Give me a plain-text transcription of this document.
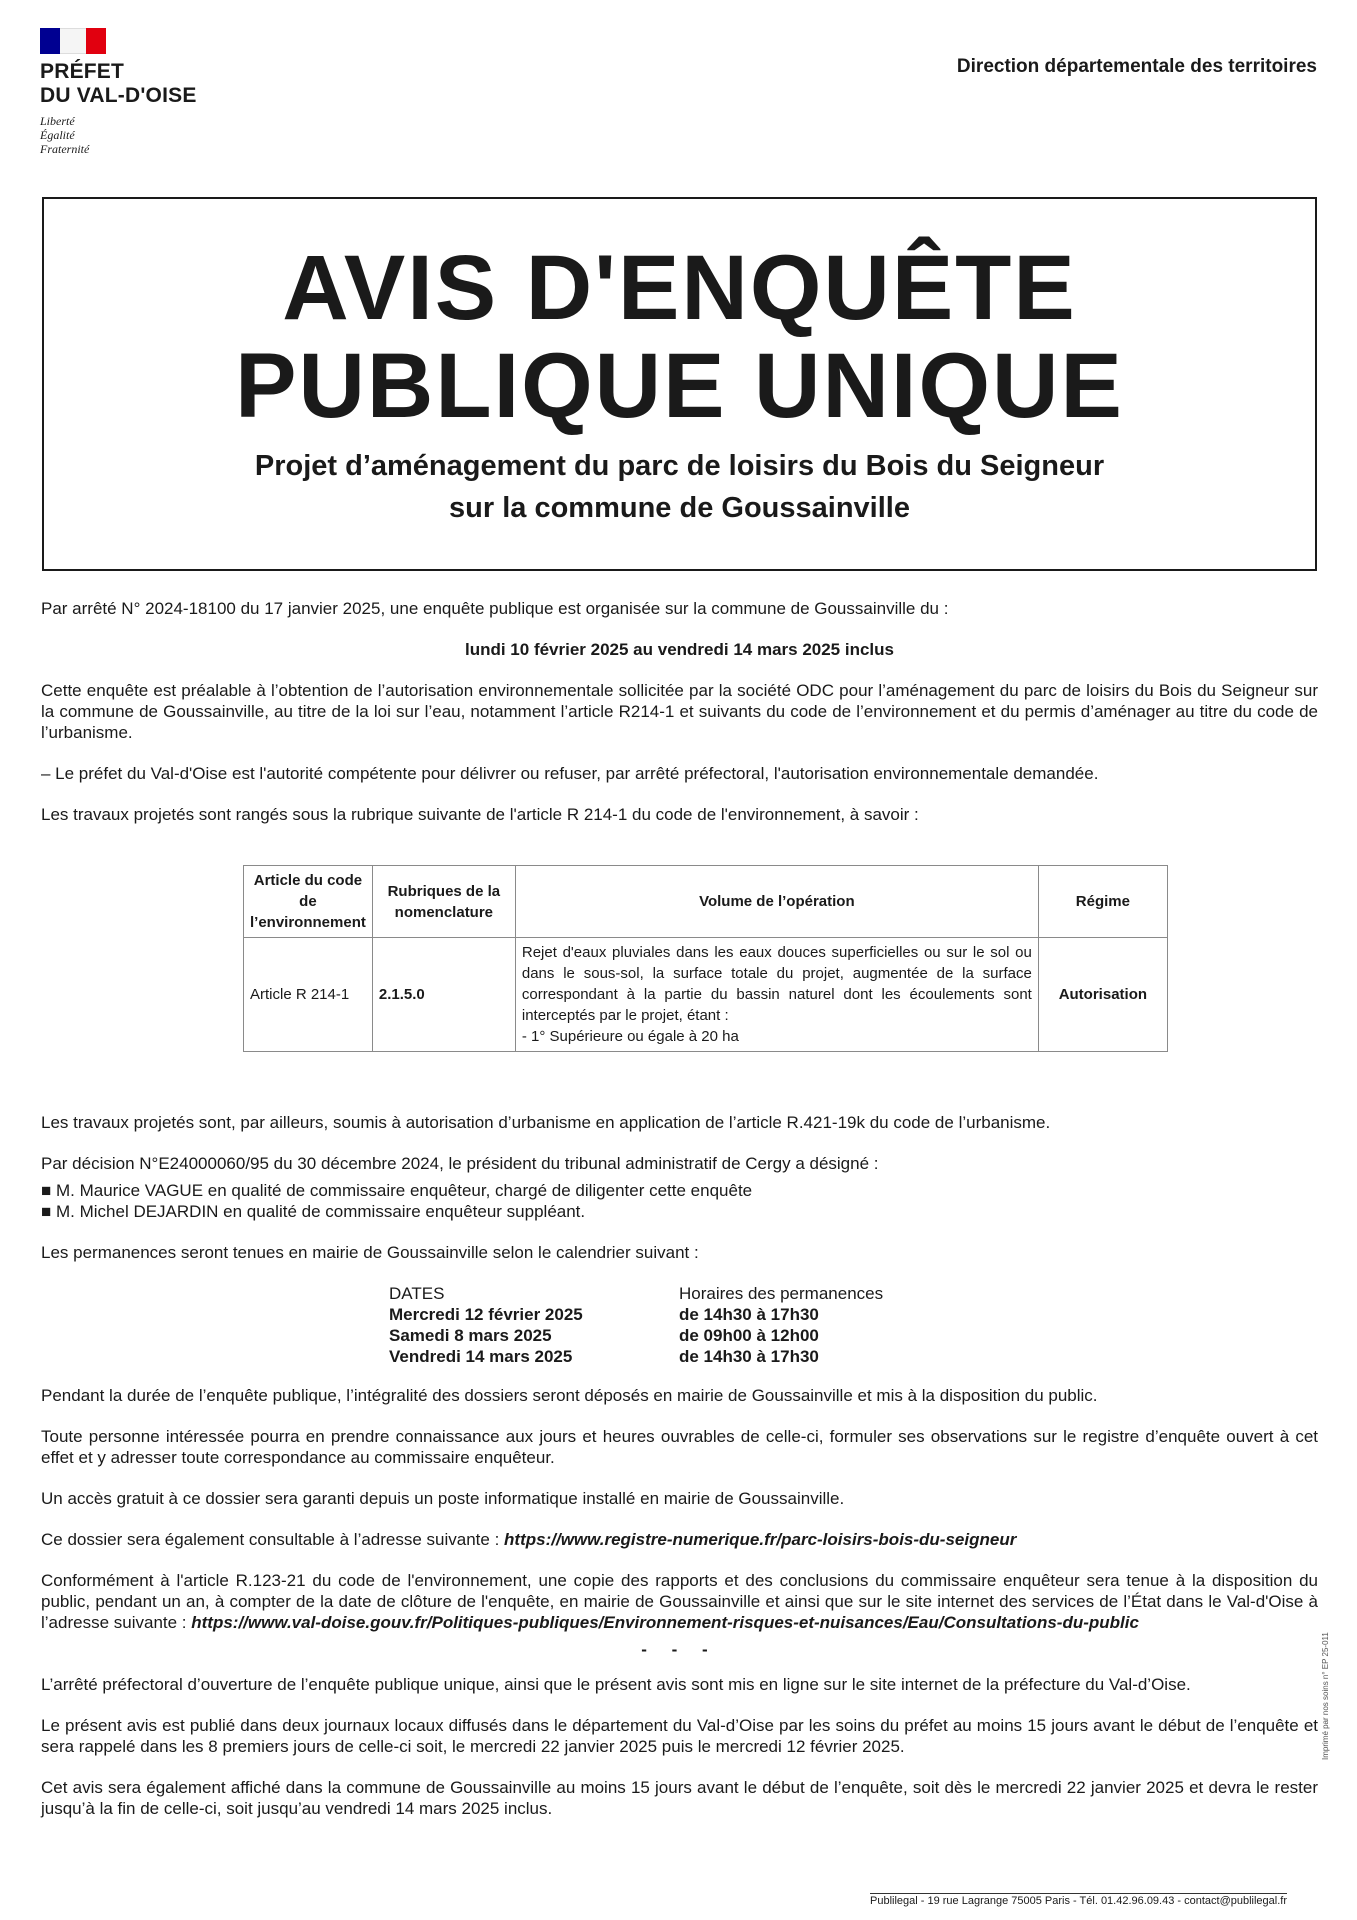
PRÉFET
DU VAL-D'OISE
Liberté
Égalité
Fraternité
Direction départementale des territoires
AVIS D'ENQUÊTE
PUBLIQUE UNIQUE
Projet d’aménagement du parc de loisirs du Bois du Seigneur
sur la commune de Goussainville

Par arrêté N° 2024-18100 du 17 janvier 2025, une enquête publique est organisée sur la commune de Goussainville du :

lundi 10 février 2025 au vendredi 14 mars 2025 inclus

Cette enquête est préalable à l’obtention de l’autorisation environnementale sollicitée par la société ODC pour l’aménagement du parc de loisirs du Bois du Seigneur sur la commune de Goussainville, au titre de la loi sur l’eau, notamment l’article R214-1 et suivants du code de l’environnement et du permis d’aménager au titre du code de l’urbanisme.

– Le préfet du Val-d'Oise est l'autorité compétente pour délivrer ou refuser, par arrêté préfectoral, l'autorisation environnementale demandée.

Les travaux projetés sont rangés sous la rubrique suivante de l'article R 214-1 du code de l'environnement, à savoir :

Article du code de l’environnement	Rubriques de la nomenclature	Volume de l’opération	Régime
Article R 214-1	2.1.5.0	Rejet d'eaux pluviales dans les eaux douces superficielles ou sur le sol ou dans le sous-sol, la surface totale du projet, augmentée de la surface correspondant à la partie du bassin naturel dont les écoulements sont interceptés par le projet, étant :
- 1° Supérieure ou égale à 20 ha	Autorisation

Les travaux projetés sont, par ailleurs, soumis à autorisation d’urbanisme en application de l’article R.421-19k du code de l’urbanisme.

Par décision N°E24000060/95 du 30 décembre 2024, le président du tribunal administratif de Cergy a désigné :

■ M. Maurice VAGUE en qualité de commissaire enquêteur, chargé de diligenter cette enquête
■ M. Michel DEJARDIN en qualité de commissaire enquêteur suppléant.

Les permanences seront tenues en mairie de Goussainville selon le calendrier suivant :

DATES	Horaires des permanences
Mercredi 12 février 2025	de 14h30 à 17h30
Samedi 8 mars 2025	de 09h00 à 12h00
Vendredi 14 mars 2025	de 14h30 à 17h30

Pendant la durée de l’enquête publique, l’intégralité des dossiers seront déposés en mairie de Goussainville et mis à la disposition du public.

Toute personne intéressée pourra en prendre connaissance aux jours et heures ouvrables de celle-ci, formuler ses observations sur le registre d’enquête ouvert à cet effet et y adresser toute correspondance au commissaire enquêteur.

Un accès gratuit à ce dossier sera garanti depuis un poste informatique installé en mairie de Goussainville.

Ce dossier sera également consultable à l’adresse suivante : https://www.registre-numerique.fr/parc-loisirs-bois-du-seigneur

Conformément à l'article R.123-21 du code de l'environnement, une copie des rapports et des conclusions du commissaire enquêteur sera tenue à la disposition du public, pendant un an, à compter de la date de clôture de l'enquête, en mairie de Goussainville et ainsi que sur le site internet des services de l’État dans le Val-d'Oise à l’adresse suivante : https://www.val-doise.gouv.fr/Politiques-publiques/Environnement-risques-et-nuisances/Eau/Consultations-du-public

- - -

L’arrêté préfectoral d’ouverture de l’enquête publique unique, ainsi que le présent avis sont mis en ligne sur le site internet de la préfecture du Val-d’Oise.

Le présent avis est publié dans deux journaux locaux diffusés dans le département du Val-d’Oise par les soins du préfet au moins 15 jours avant le début de l’enquête et sera rappelé dans les 8 premiers jours de celle-ci soit, le mercredi 22 janvier 2025 puis le mercredi 12 février 2025.

Cet avis sera également affiché dans la commune de Goussainville au moins 15 jours avant le début de l’enquête, soit dès le mercredi 22 janvier 2025 et devra le rester jusqu’à la fin de celle-ci, soit jusqu’au vendredi 14 mars 2025 inclus.

Publilegal - 19 rue Lagrange 75005 Paris - Tél. 01.42.96.09.43 - contact@publilegal.fr
Imprimé par nos soins n° EP 25-011
